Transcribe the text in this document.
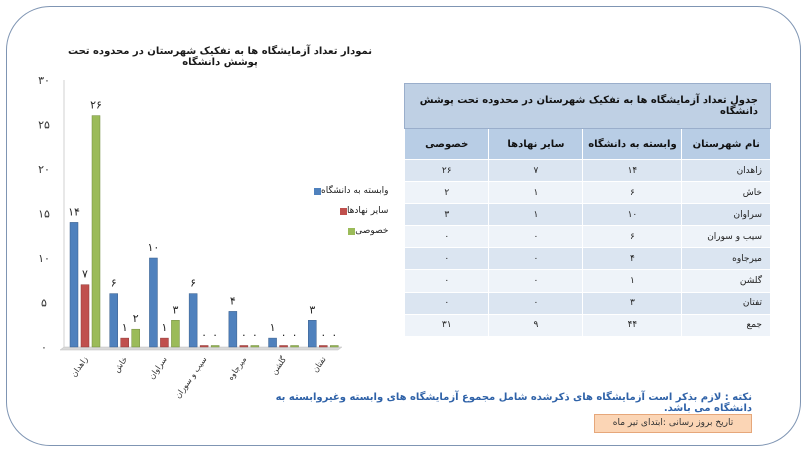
۰
۵
۱۰
۱۵
۲۰
۲۵
۳۰
۱۴
۶
۱۰
۶
۴
۱
۳
۷
۱	۱
۰	۰	۰	۰
۲۶
۲
۳
۰	۰	۰	۰
زاهدان	خاش سراوان سیب و سوران میرجاوه	گلشن	تفتان
نمودار تعداد آزمایشگاه ها به تفکیک شهرستان در محدوده تحت پوشش دانشگاه
وابسته به دانشگاه
سایر نهادها
خصوصی
جدول تعداد آزمایشگاه ها به تفکیک شهرستان در محدوده تحت پوشش دانشگاه			
نام شهرستان	وابسته به دانشگاه	سایر نهادها	خصوصی
زاهدان	۱۴	۷	۲۶
خاش	۶	۱	۲
سراوان	۱۰	۱	۳
سیب و سوران	۶	۰	۰
میرجاوه	۴	۰	۰
گلشن	۱	۰	۰
تفتان	۳	۰	۰
جمع	۴۴	۹	۳۱
نکته : لازم بذکر است آزمایشگاه های ذکرشده شامل مجموع آزمایشگاه های وابسته وغیروابسته به دانشگاه می باشد.
تاریخ بروز رسانی :ابتدای تیر ماه
